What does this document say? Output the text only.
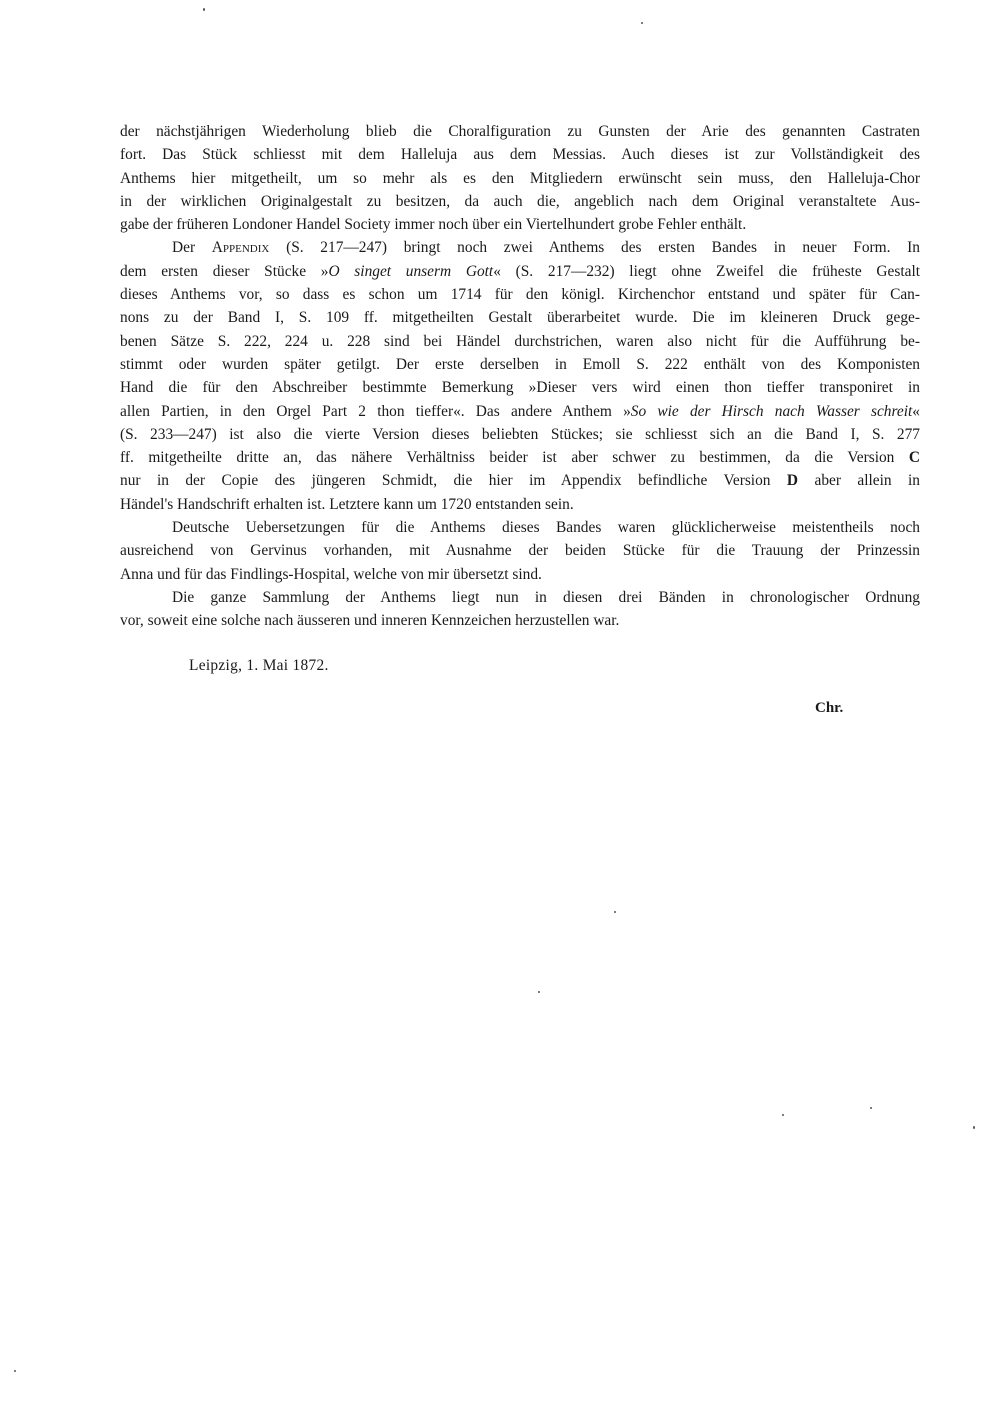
der nächstjährigen Wiederholung blieb die Choralfiguration zu Gunsten der Arie des genannten Castraten
fort. Das Stück schliesst mit dem Halleluja aus dem Messias. Auch dieses ist zur Vollständigkeit des
Anthems hier mitgetheilt, um so mehr als es den Mitgliedern erwünscht sein muss, den Halleluja-Chor
in der wirklichen Originalgestalt zu besitzen, da auch die, angeblich nach dem Original veranstaltete Aus-
gabe der früheren Londoner Handel Society immer noch über ein Viertelhundert grobe Fehler enthält.
Der Appendix (S. 217—247) bringt noch zwei Anthems des ersten Bandes in neuer Form. In
dem ersten dieser Stücke »O singet unserm Gott« (S. 217—232) liegt ohne Zweifel die früheste Gestalt
dieses Anthems vor, so dass es schon um 1714 für den königl. Kirchenchor entstand und später für Can-
nons zu der Band I, S. 109 ff. mitgetheilten Gestalt überarbeitet wurde. Die im kleineren Druck gege-
benen Sätze S. 222, 224 u. 228 sind bei Händel durchstrichen, waren also nicht für die Aufführung be-
stimmt oder wurden später getilgt. Der erste derselben in Emoll S. 222 enthält von des Komponisten
Hand die für den Abschreiber bestimmte Bemerkung »Dieser vers wird einen thon tieffer transponiret in
allen Partien, in den Orgel Part 2 thon tieffer«. Das andere Anthem »So wie der Hirsch nach Wasser schreit«
(S. 233—247) ist also die vierte Version dieses beliebten Stückes; sie schliesst sich an die Band I, S. 277
ff. mitgetheilte dritte an, das nähere Verhältniss beider ist aber schwer zu bestimmen, da die Version C
nur in der Copie des jüngeren Schmidt, die hier im Appendix befindliche Version D aber allein in
Händel's Handschrift erhalten ist. Letztere kann um 1720 entstanden sein.
Deutsche Uebersetzungen für die Anthems dieses Bandes waren glücklicherweise meistentheils noch
ausreichend von Gervinus vorhanden, mit Ausnahme der beiden Stücke für die Trauung der Prinzessin
Anna und für das Findlings-Hospital, welche von mir übersetzt sind.
Die ganze Sammlung der Anthems liegt nun in diesen drei Bänden in chronologischer Ordnung
vor, soweit eine solche nach äusseren und inneren Kennzeichen herzustellen war.
Leipzig, 1. Mai 1872.
Chr.
